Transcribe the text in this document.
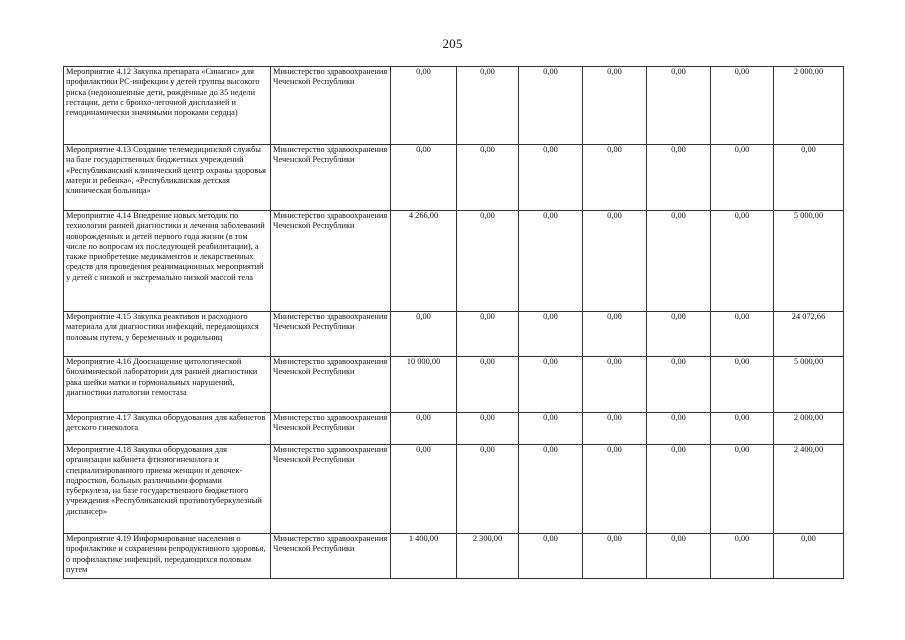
205
Мероприятие 4.12 Закупка препарата «Синагис» для профилактики РС-инфекции у детей группы высокого риска (недоношенные дети, рождённые до 35 недели гестации, дети с бронхо-легочной дисплазией и гемодинамически значимыми пороками сердца)	Министерство здравоохранения Чеченской Республики	0,00	0,00	0,00	0,00	0,00	0,00	2 000,00
Мероприятие 4.13 Создание телемедицинской службы на базе государственных бюджетных учреждений «Республиканский клинический центр охраны здоровья матери и ребенка», «Республиканская детская клиническая больница»	Министерство здравоохранения Чеченской Республики	0,00	0,00	0,00	0,00	0,00	0,00	0,00
Мероприятие 4.14 Внедрение новых методик по технологии ранней диагностики и лечения заболеваний новорожденных и детей первого года жизни (в том числе по вопросам их последующей реабилитации), а также приобретение медикаментов и лекарственных средств для проведения реанимационных мероприятий у детей с низкой и экстремально низкой массой тела	Министерство здравоохранения Чеченской Республики	4 266,00	0,00	0,00	0,00	0,00	0,00	5 000,00
Мероприятие 4.15 Закупка реактивов и расходного материала для диагностики инфекций, передающихся половым путем, у беременных и родильниц	Министерство здравоохранения Чеченской Республики	0,00	0,00	0,00	0,00	0,00	0,00	24 072,66
Мероприятие 4.16 Дооснащение цитологической биохимической лаборатории для ранней диагностики рака шейки матки и гормональных нарушений, диагностики патологии гемостаза	Министерство здравоохранения Чеченской Республики	10 000,00	0,00	0,00	0,00	0,00	0,00	5 000,00
Мероприятие 4.17 Закупка оборудования для кабинетов детского гинеколога	Министерство здравоохранения Чеченской Республики	0,00	0,00	0,00	0,00	0,00	0,00	2 000,00
Мероприятие 4.18 Закупка оборудования для организации кабинета фтизиогинеколога и специализированного приема женщин и девочек-подростков, больных различными формами туберкулеза, на базе государственного бюджетного учреждения «Республиканский противотуберкулезный диспансер»	Министерство здравоохранения Чеченской Республики	0,00	0,00	0,00	0,00	0,00	0,00	2 400,00
Мероприятие 4.19 Информирование населения о профилактике и сохранении репродуктивного здоровья, о профилактике инфекций, передающихся половым путем	Министерство здравоохранения Чеченской Республики	1 400,00	2 300,00	0,00	0,00	0,00	0,00	0,00
